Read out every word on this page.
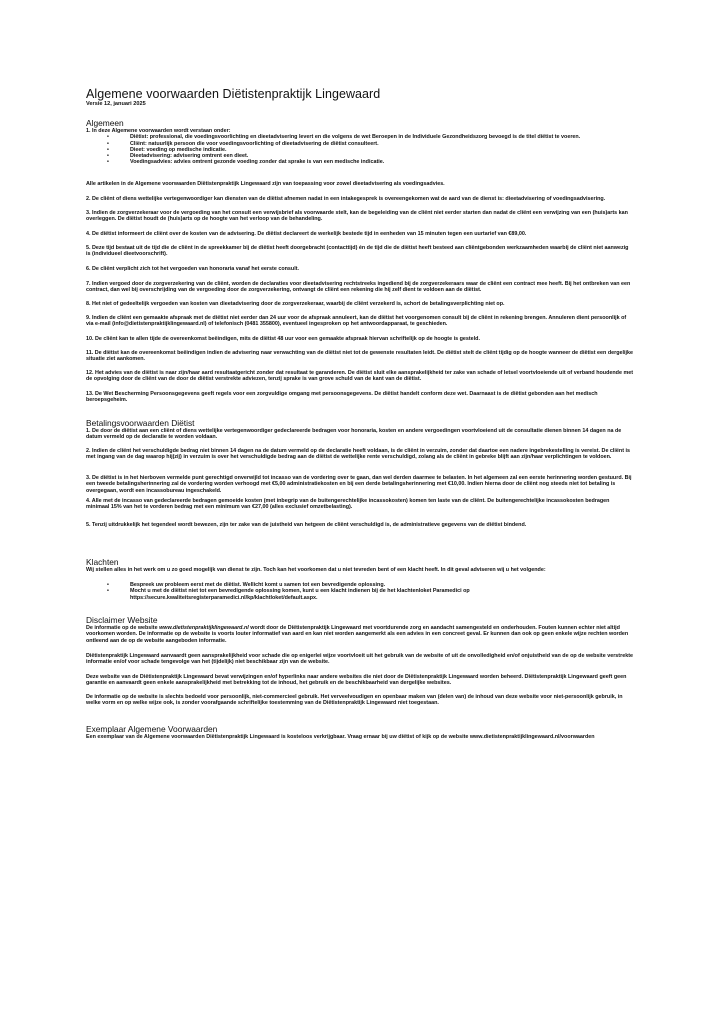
Algemene voorwaarden Diëtistenpraktijk Lingewaard

Versie 12, januari 2025

Algemeen

1. In deze Algemene voorwaarden wordt verstaan onder:

•	Diëtist: professional, die voedingsvoorlichting en dieetadvisering levert en die volgens de wet Beroepen in de Individuele Gezondheidszorg bevoegd is de titel diëtist te voeren.
•	Cliënt: natuurlijk persoon die voor voedingsvoorlichting of dieetadvisering de diëtist consulteert.
•	Dieet: voeding op medische indicatie.
•	Dieetadvisering: advisering omtrent een dieet.
•	Voedingsadvies: advies omtrent gezonde voeding zonder dat sprake is van een medische indicatie.

Alle artikelen in de Algemene voorwaarden Diëtistenpraktijk Lingewaard zijn van toepassing voor zowel dieetadvisering als voedingsadvies.

2. De cliënt of diens wettelijke vertegenwoordiger kan diensten van de diëtist afnemen nadat in een intakegesprek is overeengekomen wat de aard van de dienst is: dieetadvisering of voedingsadvisering.

3. Indien de zorgverzekeraar voor de vergoeding van het consult een verwijsbrief als voorwaarde stelt, kan de begeleiding van de cliënt niet eerder starten dan nadat de cliënt een verwijzing van een (huis)arts kan overleggen. De diëtist houdt de (huis)arts op de hoogte van het verloop van de behandeling.

4. De diëtist informeert de cliënt over de kosten van de advisering. De diëtist declareert de werkelijk bestede tijd in eenheden van 15 minuten tegen een uurtarief van €89,00.

5. Deze tijd bestaat uit de tijd die de cliënt in de spreekkamer bij de diëtist heeft doorgebracht (contacttijd) én de tijd die de diëtist heeft besteed aan cliëntgebonden werkzaamheden waarbij de cliënt niet aanwezig is (individueel dieetvoorschrift).

6. De cliënt verplicht zich tot het vergoeden van honoraria vanaf het eerste consult.

7. Indien vergoed door de zorgverzekering van de cliënt, worden de declaraties voor dieetadvisering rechtstreeks ingediend bij de zorgverzekeraars waar de cliënt een contract mee heeft. Bij het ontbreken van een contract, dan wel bij overschrijding van de vergoeding door de zorgverzekering, ontvangt de cliënt een rekening die hij zelf dient te voldoen aan de diëtist.

8. Het niet of gedeeltelijk vergoeden van kosten van dieetadvisering door de zorgverzekeraar, waarbij de cliënt verzekerd is, schort de betalingsverplichting niet op.

9. Indien de cliënt een gemaakte afspraak met de diëtist niet eerder dan 24 uur voor de afspraak annuleert, kan de diëtist het voorgenomen consult bij de cliënt in rekening brengen. Annuleren dient persoonlijk of via e-mail (info@dietistenpraktijklingewaard.nl) of telefonisch (0481 355800), eventueel ingesproken op het antwoordapparaat, te geschieden.

10. De cliënt kan te allen tijde de overeenkomst beëindigen, mits de diëtist 48 uur voor een gemaakte afspraak hiervan schriftelijk op de hoogte is gesteld.

11. De diëtist kan de overeenkomst beëindigen indien de advisering naar verwachting van de diëtist niet tot de gewenste resultaten leidt. De diëtist stelt de cliënt tijdig op de hoogte wanneer de diëtist een dergelijke situatie ziet aankomen.

12. Het advies van de diëtist is naar zijn/haar aard resultaatgericht zonder dat resultaat te garanderen. De diëtist sluit elke aansprakelijkheid ter zake van schade of letsel voortvloeiende uit of verband houdende met de opvolging door de cliënt van de door de diëtist verstrekte adviezen, tenzij sprake is van grove schuld van de kant van de diëtist.

13. De Wet Bescherming Persoonsgegevens geeft regels voor een zorgvuldige omgang met persoonsgegevens. De diëtist handelt conform deze wet. Daarnaast is de diëtist gebonden aan het medisch beroepsgeheim.

Betalingsvoorwaarden Diëtist

1. De door de diëtist aan een cliënt of diens wettelijke vertegenwoordiger gedeclareerde bedragen voor honoraria, kosten en andere vergoedingen voortvloeiend uit de consultatie dienen binnen 14 dagen na de datum vermeld op de declaratie te worden voldaan.

2. Indien de cliënt het verschuldigde bedrag niet binnen 14 dagen na de datum vermeld op de declaratie heeft voldaan, is de cliënt in verzuim, zonder dat daartoe een nadere ingebrekestelling is vereist. De cliënt is met ingang van de dag waarop hij(zij) in verzuim is over het verschuldigde bedrag aan de diëtist de wettelijke rente verschuldigd, zolang als de cliënt in gebreke blijft aan zijn/haar verplichtingen te voldoen.

3. De diëtist is in het hierboven vermelde punt gerechtigd onverwijld tot incasso van de vordering over te gaan, dan wel derden daarmee te belasten. In het algemeen zal een eerste herinnering worden gestuurd. Bij een tweede betalingsherinnering zal de vordering worden verhoogd met €5,00 administratiekosten en bij een derde betalingsherinnering met €10,00. Indien hierna door de cliënt nog steeds niet tot betaling is overgegaan, wordt een incassobureau ingeschakeld.

4. Alle met de incasso van gedeclareerde bedragen gemoeide kosten (met inbegrip van de buitengerechtelijke incassokosten) komen ten laste van de cliënt. De buitengerechtelijke incassokosten bedragen minimaal 15% van het te vorderen bedrag met een minimum van €27,00 (alles exclusief omzetbelasting).

5. Tenzij uitdrukkelijk het tegendeel wordt bewezen, zijn ter zake van de juistheid van hetgeen de cliënt verschuldigd is, de administratieve gegevens van de diëtist bindend.

Klachten

Wij stellen alles in het werk om u zo goed mogelijk van dienst te zijn. Toch kan het voorkomen dat u niet tevreden bent of een klacht heeft. In dit geval adviseren wij u het volgende:

•	Bespreek uw probleem eerst met de diëtist. Wellicht komt u samen tot een bevredigende oplossing.
•	Mocht u met de diëtist niet tot een bevredigende oplossing komen, kunt u een klacht indienen bij de het klachtenloket Paramedici op https://secure.kwaliteitsregisterparamedici.nl/kp/klachtloket/default.aspx.
Disclaimer Website

De informatie op de website www.dietistenpraktijklingewaard.nl wordt door de Diëtistenpraktijk Lingewaard met voortdurende zorg en aandacht samengesteld en onderhouden. Fouten kunnen echter niet altijd voorkomen worden. De informatie op de website is voorts louter informatief van aard en kan niet worden aangemerkt als een advies in een concreet geval. Er kunnen dan ook op geen enkele wijze rechten worden ontleend aan de op de website aangeboden informatie.

Diëtistenpraktijk Lingewaard aanvaardt geen aansprakelijkheid voor schade die op enigerlei wijze voortvloeit uit het gebruik van de website of uit de onvolledigheid en/of onjuistheid van de op de website verstrekte informatie en/of voor schade tengevolge van het (tijdelijk) niet beschikbaar zijn van de website.

Deze website van de Diëtistenpraktijk Lingewaard bevat verwijzingen en/of hyperlinks naar andere websites die niet door de Diëtistenpraktijk Lingewaard worden beheerd. Diëtistenpraktijk Lingewaard geeft geen garantie en aanvaardt geen enkele aansprakelijkheid met betrekking tot de inhoud, het gebruik en de beschikbaarheid van dergelijke websites.

De informatie op de website is slechts bedoeld voor persoonlijk, niet-commercieel gebruik. Het verveelvoudigen en openbaar maken van (delen van) de inhoud van deze website voor niet-persoonlijk gebruik, in welke vorm en op welke wijze ook, is zonder voorafgaande schriftelijke toestemming van de Diëtistenpraktijk Lingewaard niet toegestaan.

Exemplaar Algemene Voorwaarden

Een exemplaar van de Algemene voorwaarden Diëtistenpraktijk Lingewaard is kosteloos verkrijgbaar. Vraag ernaar bij uw diëtist of kijk op de website www.dietistenpraktijklingewaard.nl/voorwaarden
